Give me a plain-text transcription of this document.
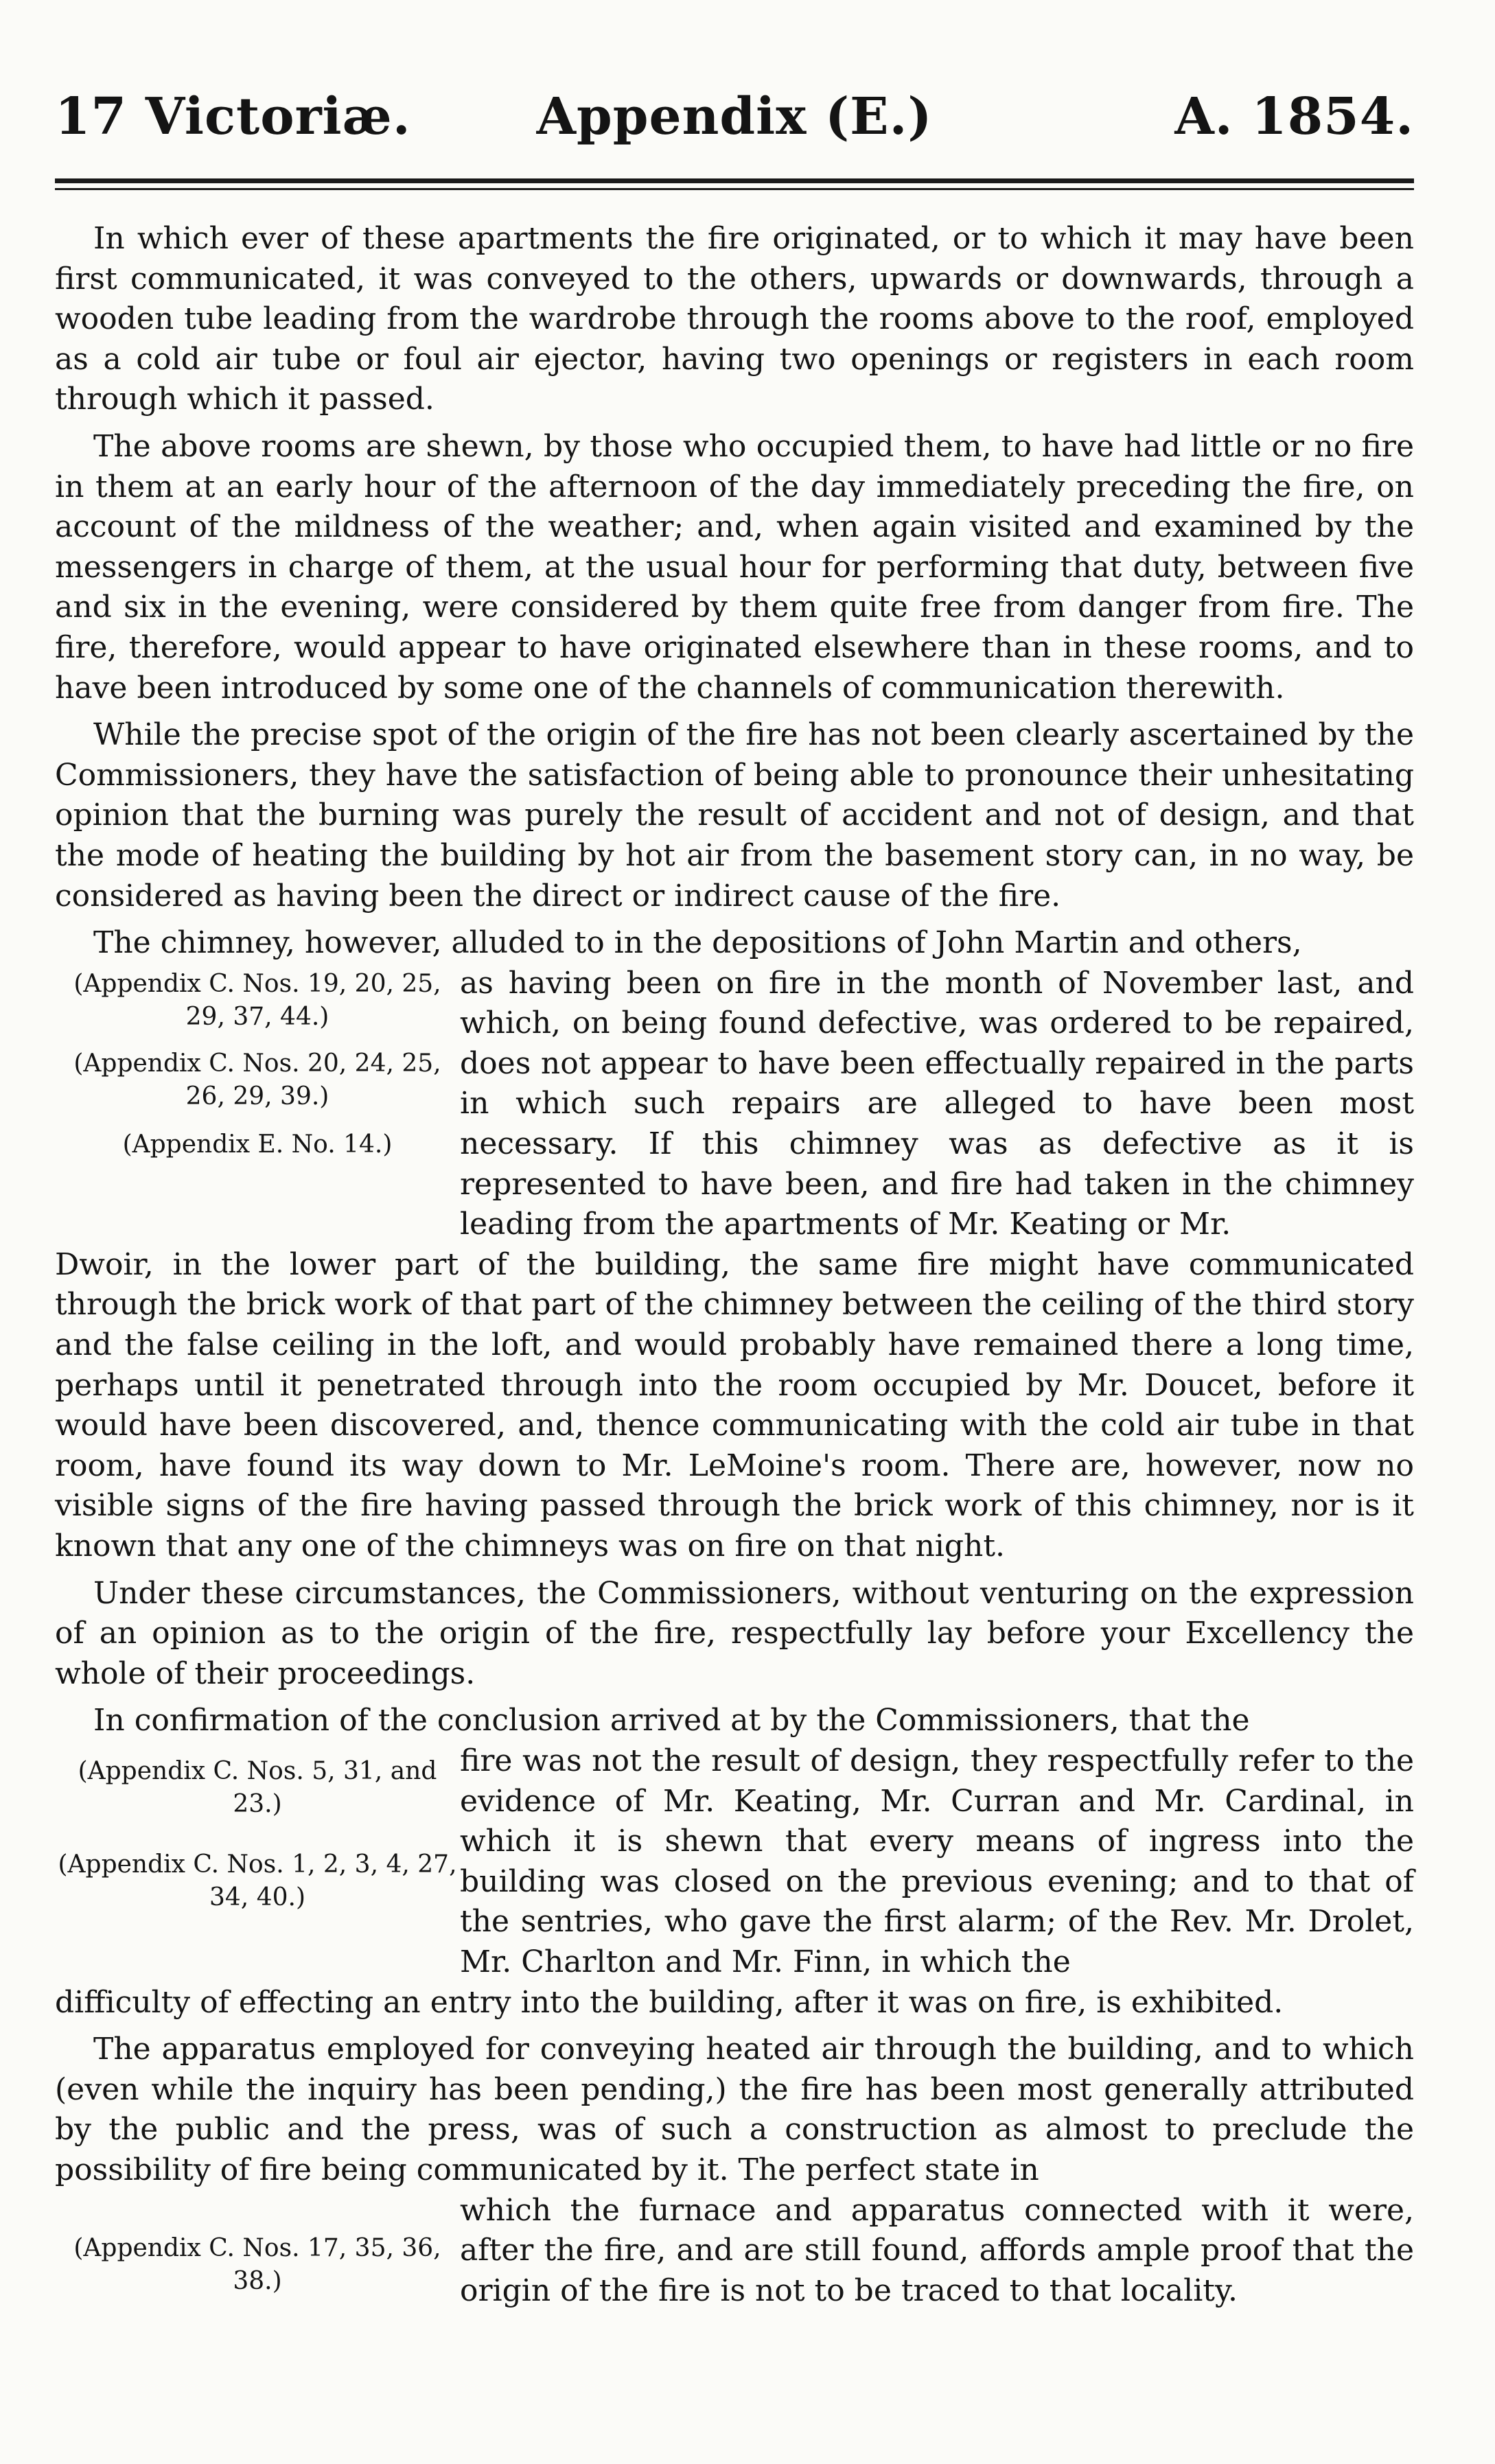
17 Victoriæ.	Appendix (E.)	A. 1854.

In which ever of these apartments the fire originated, or to which it may have been first communicated, it was conveyed to the others, upwards or downwards, through a wooden tube leading from the wardrobe through the rooms above to the roof, employed as a cold air tube or foul air ejector, having two openings or registers in each room through which it passed.

The above rooms are shewn, by those who occupied them, to have had little or no fire in them at an early hour of the afternoon of the day immediately preceding the fire, on account of the mildness of the weather; and, when again visited and examined by the messengers in charge of them, at the usual hour for performing that duty, between five and six in the evening, were considered by them quite free from danger from fire. The fire, therefore, would appear to have originated elsewhere than in these rooms, and to have been introduced by some one of the channels of communication therewith.

While the precise spot of the origin of the fire has not been clearly ascertained by the Commissioners, they have the satisfaction of being able to pronounce their unhesitating opinion that the burning was purely the result of accident and not of design, and that the mode of heating the building by hot air from the basement story can, in no way, be considered as having been the direct or indirect cause of the fire.

The chimney, however, alluded to in the depositions of John Martin and others,

(Appendix C. Nos. 19, 20, 25, 29, 37, 44.)

(Appendix C. Nos. 20, 24, 25, 26, 29, 39.)

(Appendix E. No. 14.)

as having been on fire in the month of November last, and which, on being found defective, was ordered to be repaired, does not appear to have been effectually repaired in the parts in which such repairs are alleged to have been most necessary. If this chimney was as defective as it is represented to have been, and fire had taken in the chimney leading from the apartments of Mr. Keating or Mr.

Dwoir, in the lower part of the building, the same fire might have communicated through the brick work of that part of the chimney between the ceiling of the third story and the false ceiling in the loft, and would probably have remained there a long time, perhaps until it penetrated through into the room occupied by Mr. Doucet, before it would have been discovered, and, thence communicating with the cold air tube in that room, have found its way down to Mr. LeMoine's room. There are, however, now no visible signs of the fire having passed through the brick work of this chimney, nor is it known that any one of the chimneys was on fire on that night.

Under these circumstances, the Commissioners, without venturing on the expression of an opinion as to the origin of the fire, respectfully lay before your Excellency the whole of their proceedings.

In confirmation of the conclusion arrived at by the Commissioners, that the

(Appendix C. Nos. 5, 31, and 23.)

(Appendix C. Nos. 1, 2, 3, 4, 27, 34, 40.)

fire was not the result of design, they respectfully refer to the evidence of Mr. Keating, Mr. Curran and Mr. Cardinal, in which it is shewn that every means of ingress into the building was closed on the previous evening; and to that of the sentries, who gave the first alarm; of the Rev. Mr. Drolet, Mr. Charlton and Mr. Finn, in which the

difficulty of effecting an entry into the building, after it was on fire, is exhibited.

The apparatus employed for conveying heated air through the building, and to which (even while the inquiry has been pending,) the fire has been most generally attributed by the public and the press, was of such a construction as almost to preclude the possibility of fire being communicated by it. The perfect state in

(Appendix C. Nos. 17, 35, 36, 38.)

which the furnace and apparatus connected with it were, after the fire, and are still found, affords ample proof that the origin of the fire is not to be traced to that locality.
